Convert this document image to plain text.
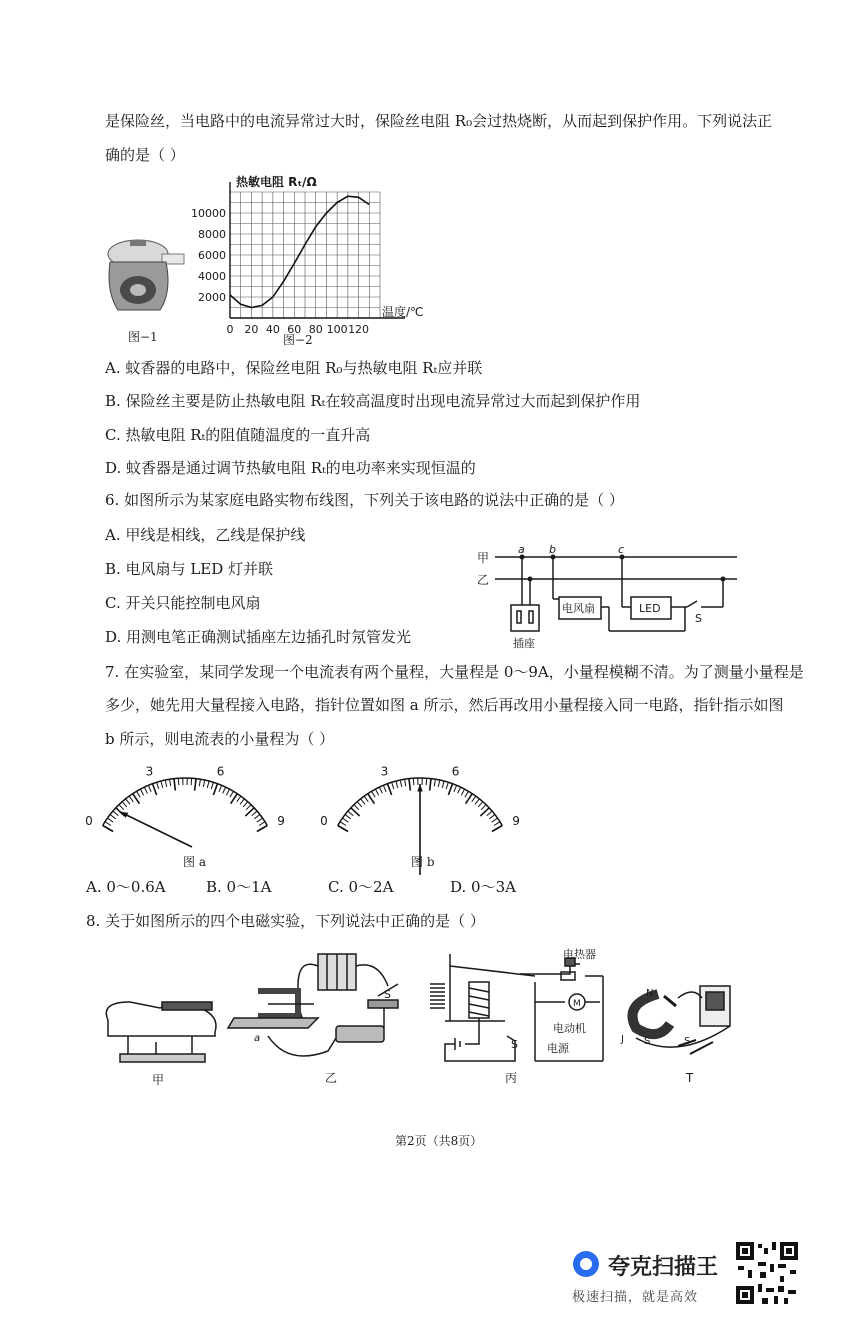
是保险丝，当电路中的电流异常过大时，保险丝电阻 R₀会过热烧断，从而起到保护作用。下列说法正
确的是（ ）
图−1
0 20 40 60 80 100 120
2000
4000
6000
8000
10000
温度/℃
热敏电阻 Rₜ/Ω
图−2
A. 蚊香器的电路中，保险丝电阻 R₀与热敏电阻 Rₜ应并联
B. 保险丝主要是防止热敏电阻 Rₜ在较高温度时出现电流异常过大而起到保护作用
C. 热敏电阻 Rₜ的阻值随温度的一直升高
D. 蚊香器是通过调节热敏电阻 Rₜ的电功率来实现恒温的
6. 如图所示为某家庭电路实物布线图，下列关于该电路的说法中正确的是（ ）
A. 甲线是相线，乙线是保护线
B. 电风扇与 LED 灯并联
C. 开关只能控制电风扇
D. 用测电笔正确测试插座左边插孔时氖管发光
甲
乙
a b	c
电风扇	LED
S
插座
7. 在实验室，某同学发现一个电流表有两个量程，大量程是 0～9A，小量程模糊不清。为了测量小量程是
多少，她先用大量程接入电路，指针位置如图 a 所示，然后再改用小量程接入同一电路，指针指示如图
b 所示，则电流表的小量程为（ ）
0
3	6
9	0
3	6
9
图 a	图 b
A. 0～0.6A	B. 0～1A	C. 0～2A	D. 0～3A
8. 关于如图所示的四个电磁实验，下列说法中正确的是（ ）
甲
a
S
乙
电热器
M
电动机
电源
S
丙
N
S	S
J
T
第2页（共8页）
夸克扫描王
极速扫描，就是高效
